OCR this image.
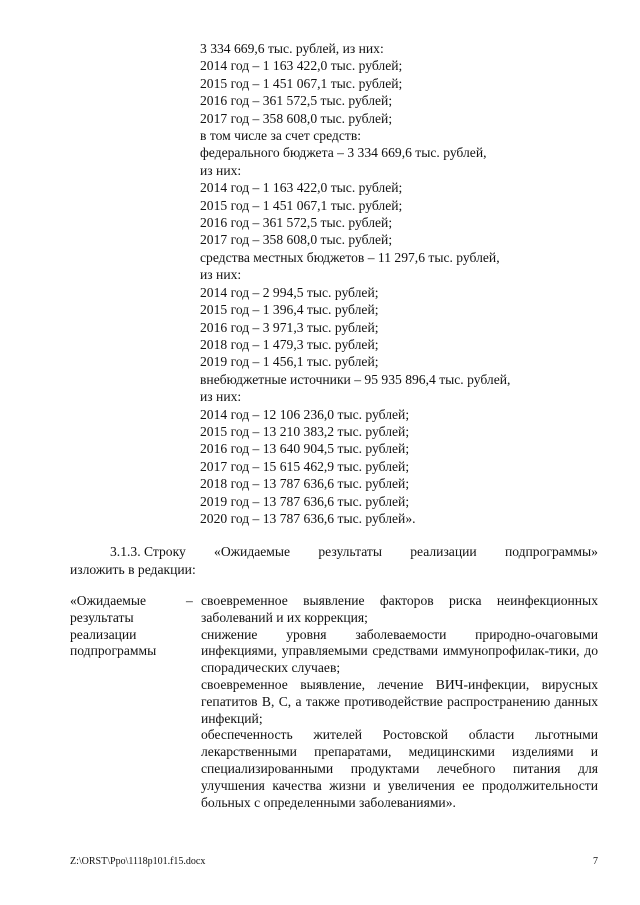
3 334 669,6 тыс. рублей, из них:
2014 год – 1 163 422,0 тыс. рублей;
2015 год – 1 451 067,1 тыс. рублей;
2016 год – 361 572,5 тыс. рублей;
2017 год – 358 608,0 тыс. рублей;
в том числе за счет средств:
федерального бюджета – 3 334 669,6 тыс. рублей,
из них:
2014 год – 1 163 422,0 тыс. рублей;
2015 год – 1 451 067,1 тыс. рублей;
2016 год – 361 572,5 тыс. рублей;
2017 год – 358 608,0 тыс. рублей;
средства местных бюджетов – 11 297,6 тыс. рублей,
из них:
2014 год – 2 994,5 тыс. рублей;
2015 год – 1 396,4 тыс. рублей;
2016 год – 3 971,3 тыс. рублей;
2018 год – 1 479,3 тыс. рублей;
2019 год – 1 456,1 тыс. рублей;
внебюджетные источники – 95 935 896,4 тыс. рублей,
из них:
2014 год – 12 106 236,0 тыс. рублей;
2015 год – 13 210 383,2 тыс. рублей;
2016 год – 13 640 904,5 тыс. рублей;
2017 год – 15 615 462,9 тыс. рублей;
2018 год – 13 787 636,6 тыс. рублей;
2019 год – 13 787 636,6 тыс. рублей;
2020 год – 13 787 636,6 тыс. рублей».
3.1.3. Строку «Ожидаемые результаты реализации подпрограммы»
изложить в редакции:
«Ожидаемые
результаты
реализации
подпрограммы
– своевременное выявление факторов риска неинфекционных заболеваний и их коррекция;
снижение уровня заболеваемости природно-очаговыми инфекциями, управляемыми средствами иммунопрофилак-тики, до спорадических случаев;
своевременное выявление, лечение ВИЧ-инфекции, вирусных гепатитов В, С, а также противодействие распространению данных инфекций;
обеспеченность жителей Ростовской области льготными лекарственными препаратами, медицинскими изделиями и специализированными продуктами лечебного питания для улучшения качества жизни и увеличения ее продолжительности больных с определенными заболеваниями».
Z:\ORST\Ppo\1118p101.f15.docx	7
